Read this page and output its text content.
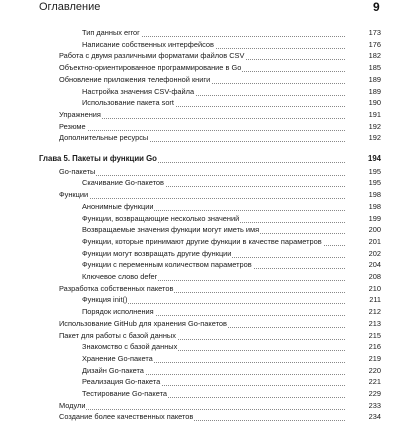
Оглавление	9
Тип данных error	173
Написание собственных интерфейсов	176
Работа с двумя различными форматами файлов CSV	182
Объектно-ориентированное программирование в Go	185
Обновление приложения телефонной книги	189
Настройка значения CSV-файла	189
Использование пакета sort	190
Упражнения	191
Резюме	192
Дополнительные ресурсы	192
Глава 5. Пакеты и функции Go	194
Go-пакеты	195
Скачивание Go-пакетов	195
Функции	198
Анонимные функции	198
Функции, возвращающие несколько значений	199
Возвращаемые значения функции могут иметь имя	200
Функции, которые принимают другие функции в качестве параметров	201
Функции могут возвращать другие функции	202
Функции с переменным количеством параметров	204
Ключевое слово defer	208
Разработка собственных пакетов	210
Функция init()	211
Порядок исполнения	212
Использование GitHub для хранения Go-пакетов	213
Пакет для работы с базой данных	215
Знакомство с базой данных	216
Хранение Go-пакета	219
Дизайн Go-пакета	220
Реализация Go-пакета	221
Тестирование Go-пакета	229
Модули	233
Создание более качественных пакетов	234
